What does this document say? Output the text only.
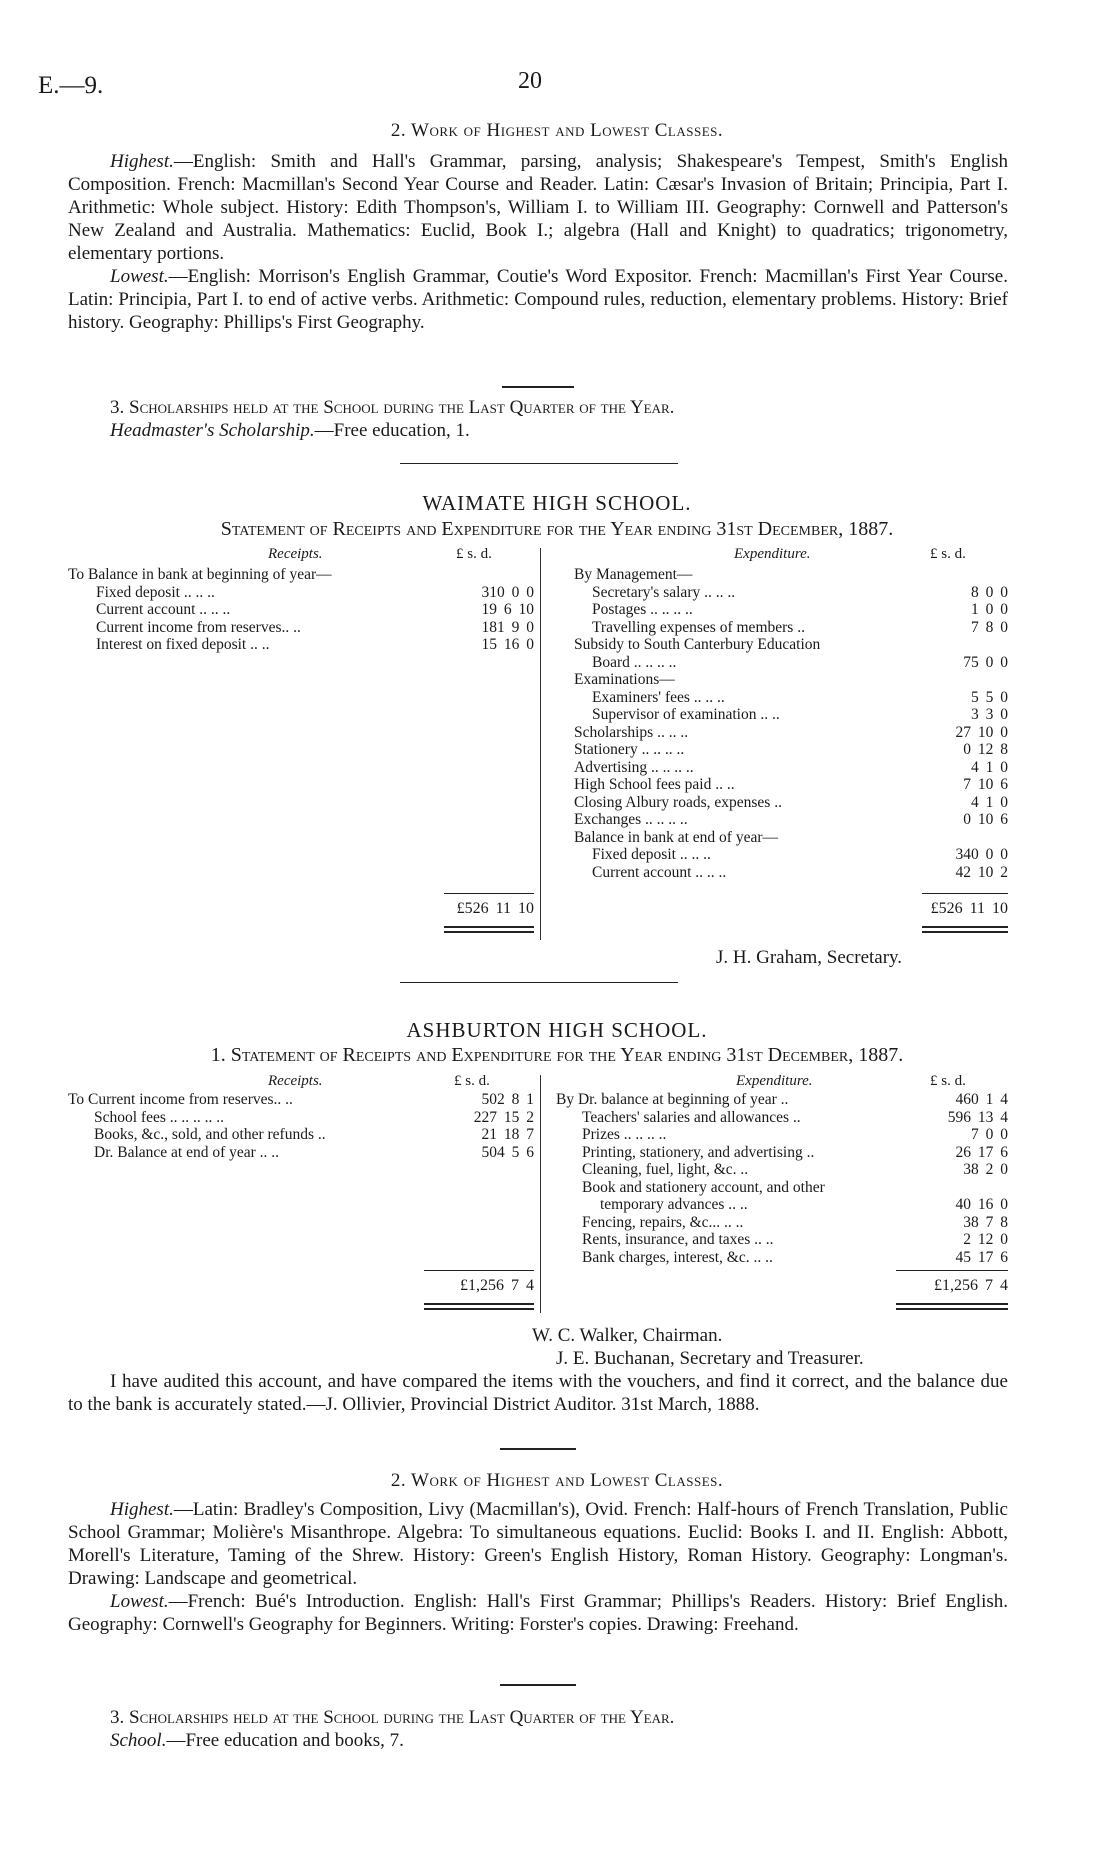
E.—9.	20
2. Work of Highest and Lowest Classes.

Highest.—English: Smith and Hall's Grammar, parsing, analysis; Shakespeare's Tempest, Smith's English Composition. French: Macmillan's Second Year Course and Reader. Latin: Cæsar's Invasion of Britain; Principia, Part I. Arithmetic: Whole subject. History: Edith Thompson's, William I. to William III. Geography: Cornwell and Patterson's New Zealand and Australia. Mathematics: Euclid, Book I.; algebra (Hall and Knight) to quadratics; trigonometry, elementary portions.

Lowest.—English: Morrison's English Grammar, Coutie's Word Expositor. French: Macmillan's First Year Course. Latin: Principia, Part I. to end of active verbs. Arithmetic: Compound rules, reduction, elementary problems. History: Brief history. Geography: Phillips's First Geography.

3. Scholarships held at the School during the Last Quarter of the Year.

Headmaster's Scholarship.—Free education, 1.

WAIMATE HIGH SCHOOL.
Statement of Receipts and Expenditure for the Year ending 31st December, 1887.
Receipts.	£ s. d.	Expenditure.	£ s. d.
To Balance in bank at beginning of year—
Fixed deposit .. .. ..	310 0 0
Current account .. .. ..	19 6 10
Current income from reserves.. ..	181 9 0
Interest on fixed deposit .. ..	15 16 0
By Management—
Secretary's salary .. .. ..	8 0 0
Postages .. .. .. ..	1 0 0
Travelling expenses of members ..	7 8 0
Subsidy to South Canterbury Education
Board .. .. .. ..	75 0 0
Examinations—
Examiners' fees .. .. ..	5 5 0
Supervisor of examination .. ..	3 3 0
Scholarships .. .. ..	27 10 0
Stationery .. .. .. ..	0 12 8
Advertising .. .. .. ..	4 1 0
High School fees paid .. ..	7 10 6
Closing Albury roads, expenses ..	4 1 0
Exchanges .. .. .. ..	0 10 6
Balance in bank at end of year—
Fixed deposit .. .. ..	340 0 0
Current account .. .. ..	42 10 2
£526 11 10	£526 11 10
J. H. Graham, Secretary.
ASHBURTON HIGH SCHOOL.
1. Statement of Receipts and Expenditure for the Year ending 31st December, 1887.
Receipts.	£ s. d.	Expenditure.	£ s. d.
To Current income from reserves.. ..	502 8 1
School fees .. .. .. .. ..	227 15 2
Books, &c., sold, and other refunds ..	21 18 7
Dr. Balance at end of year .. ..	504 5 6
By Dr. balance at beginning of year ..	460 1 4
Teachers' salaries and allowances ..	596 13 4
Prizes .. .. .. ..	7 0 0
Printing, stationery, and advertising ..	26 17 6
Cleaning, fuel, light, &c. ..	38 2 0
Book and stationery account, and other
temporary advances .. ..	40 16 0
Fencing, repairs, &c... .. ..	38 7 8
Rents, insurance, and taxes .. ..	2 12 0
Bank charges, interest, &c. .. ..	45 17 6
£1,256 7 4	£1,256 7 4
W. C. Walker, Chairman.
J. E. Buchanan, Secretary and Treasurer.

I have audited this account, and have compared the items with the vouchers, and find it correct, and the balance due to the bank is accurately stated.—J. Ollivier, Provincial District Auditor. 31st March, 1888.

2. Work of Highest and Lowest Classes.

Highest.—Latin: Bradley's Composition, Livy (Macmillan's), Ovid. French: Half-hours of French Translation, Public School Grammar; Molière's Misanthrope. Algebra: To simultaneous equations. Euclid: Books I. and II. English: Abbott, Morell's Literature, Taming of the Shrew. History: Green's English History, Roman History. Geography: Longman's. Drawing: Landscape and geometrical.

Lowest.—French: Bué's Introduction. English: Hall's First Grammar; Phillips's Readers. History: Brief English. Geography: Cornwell's Geography for Beginners. Writing: Forster's copies. Drawing: Freehand.

3. Scholarships held at the School during the Last Quarter of the Year.

School.—Free education and books, 7.
